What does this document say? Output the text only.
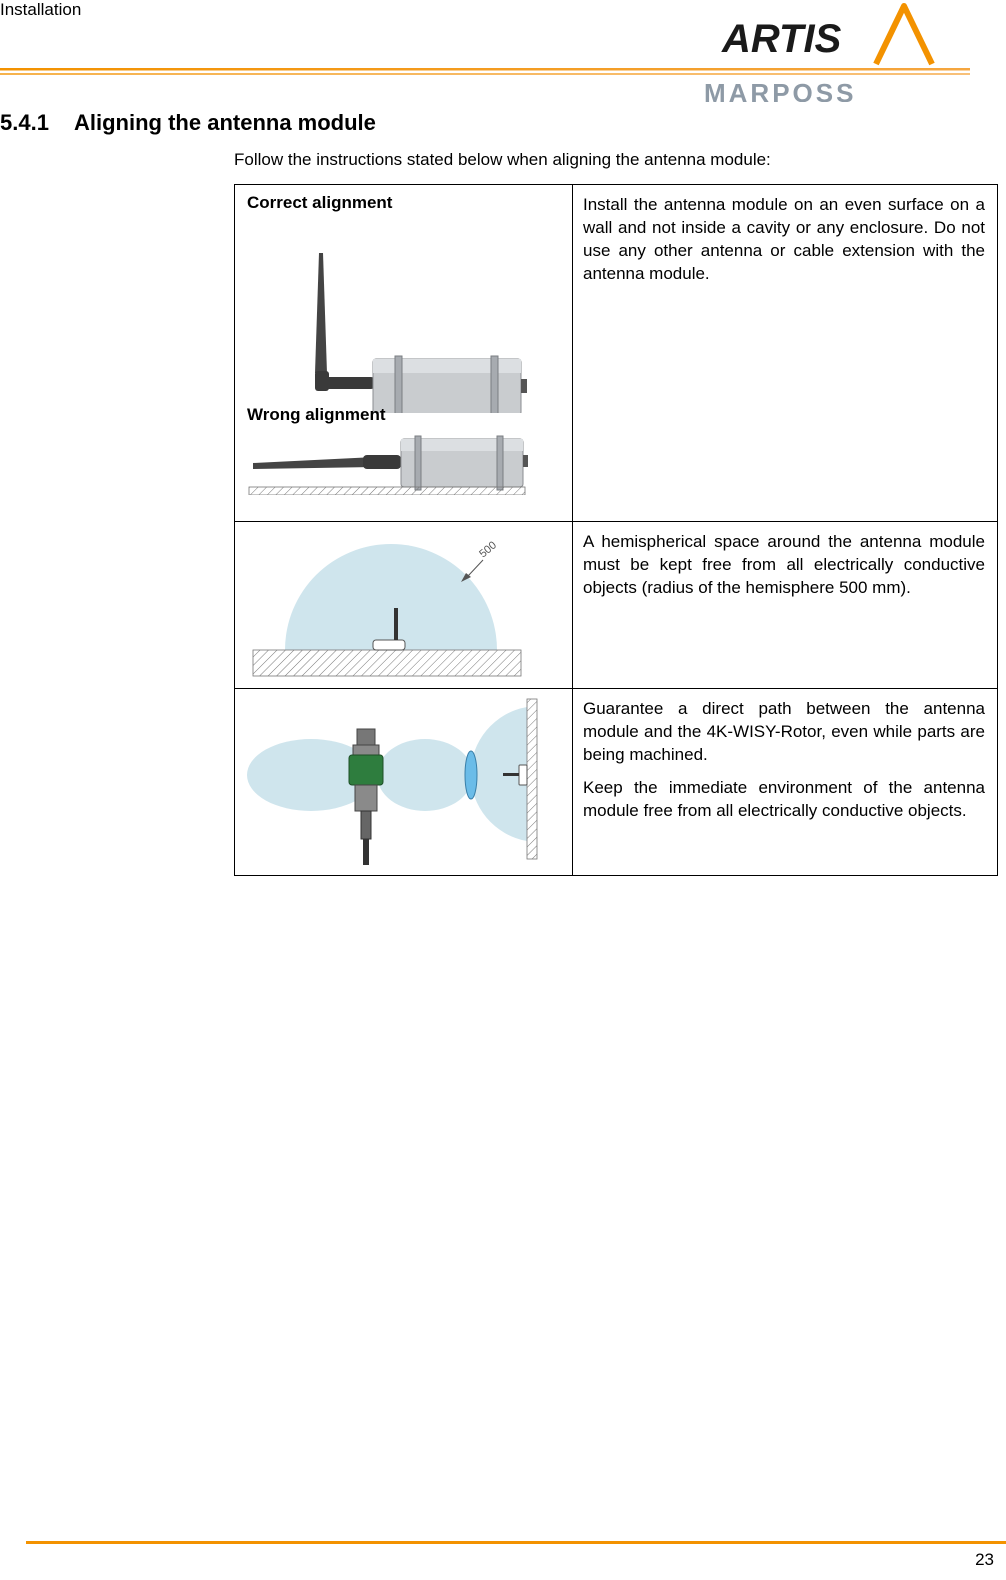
Installation
ARTIS
MARPOSS
5.4.1 Aligning the antenna module
Follow the instructions stated below when aligning the antenna module:

Correct alignment

Wrong alignment	Install the antenna module on an even surface on a wall and not inside a cavity or any enclosure. Do not use any other antenna or cable extension with the antenna module.

500	A hemispherical space around the antenna module must be kept free from all electrically conductive objects (radius of the hemisphere 500 mm).

Guarantee a direct path between the antenna module and the 4K-WISY-Rotor, even while parts are being machined.

Keep the immediate environment of the antenna module free from all electrically conductive objects.

23
